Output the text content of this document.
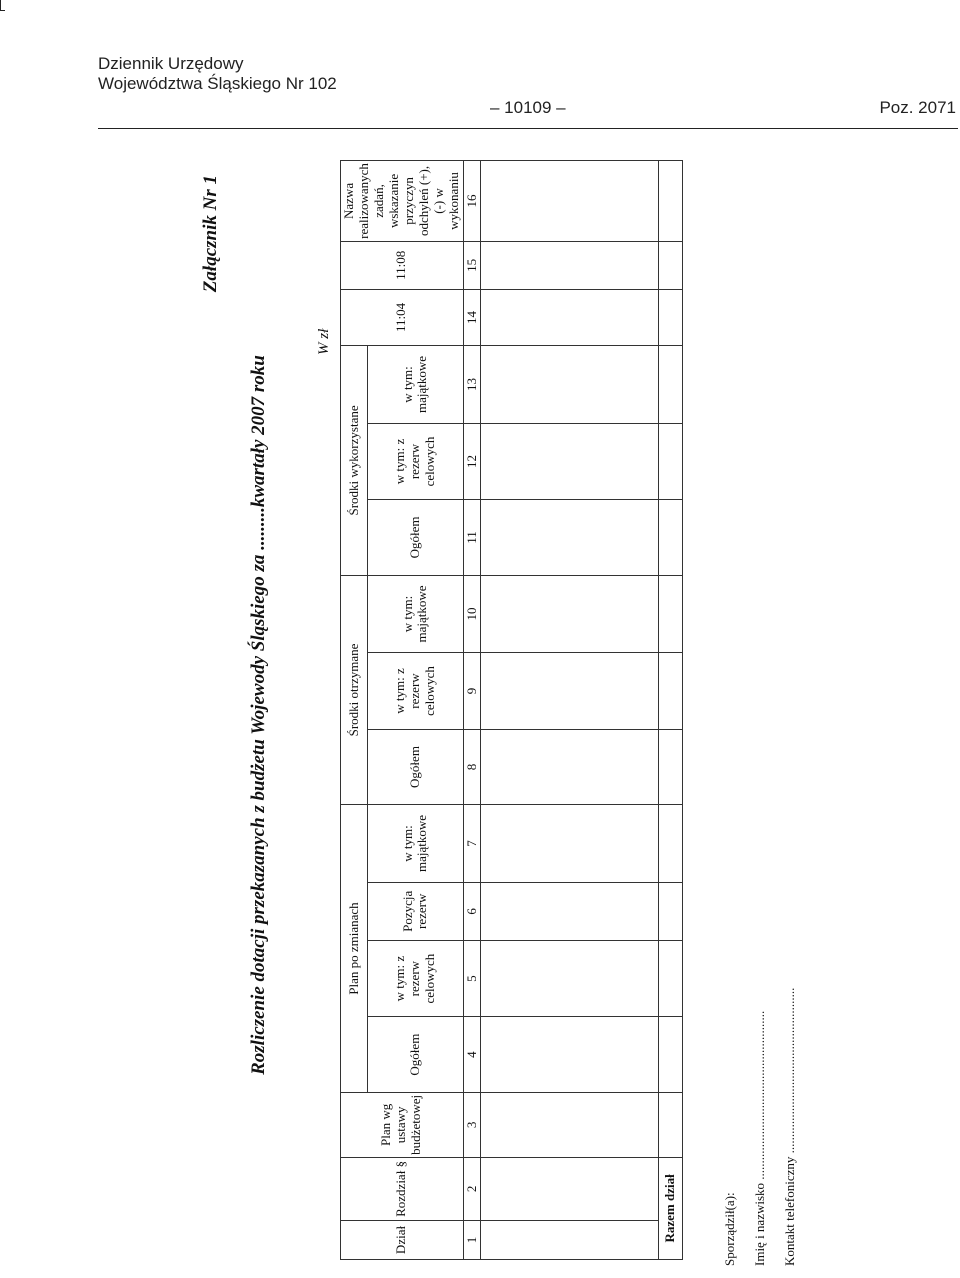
Dziennik Urzędowy
Województwa Śląskiego Nr 102
– 10109 –	Poz. 2071
Załącznik Nr 1
Rozliczenie dotacji przekazanych z budżetu Wojewody Śląskiego za .........kwartały 2007 roku
W zł
Dział	Rozdział §	Plan wg ustawy budżetowej	Plan po zmianach				Środki otrzymane			Środki wykorzystane			11:04	11:08	Nazwa realizowanych zadań, wskazanie przyczyn odchyleń (+), (-) w wykonaniu
			Ogółem	w tym: z rezerw celowych	Pozycja rezerw	w tym: majątkowe	Ogółem	w tym: z rezerw celowych	w tym: majątkowe	Ogółem	w tym: z rezerw celowych	w tym: majątkowe			
1	2	3	4	5	6	7	8	9	10	11	12	13	14	15	16

Razem dział																Sporządził(a): Imię i nazwisko ....................................................
Kontakt telefoniczny ...................................................
